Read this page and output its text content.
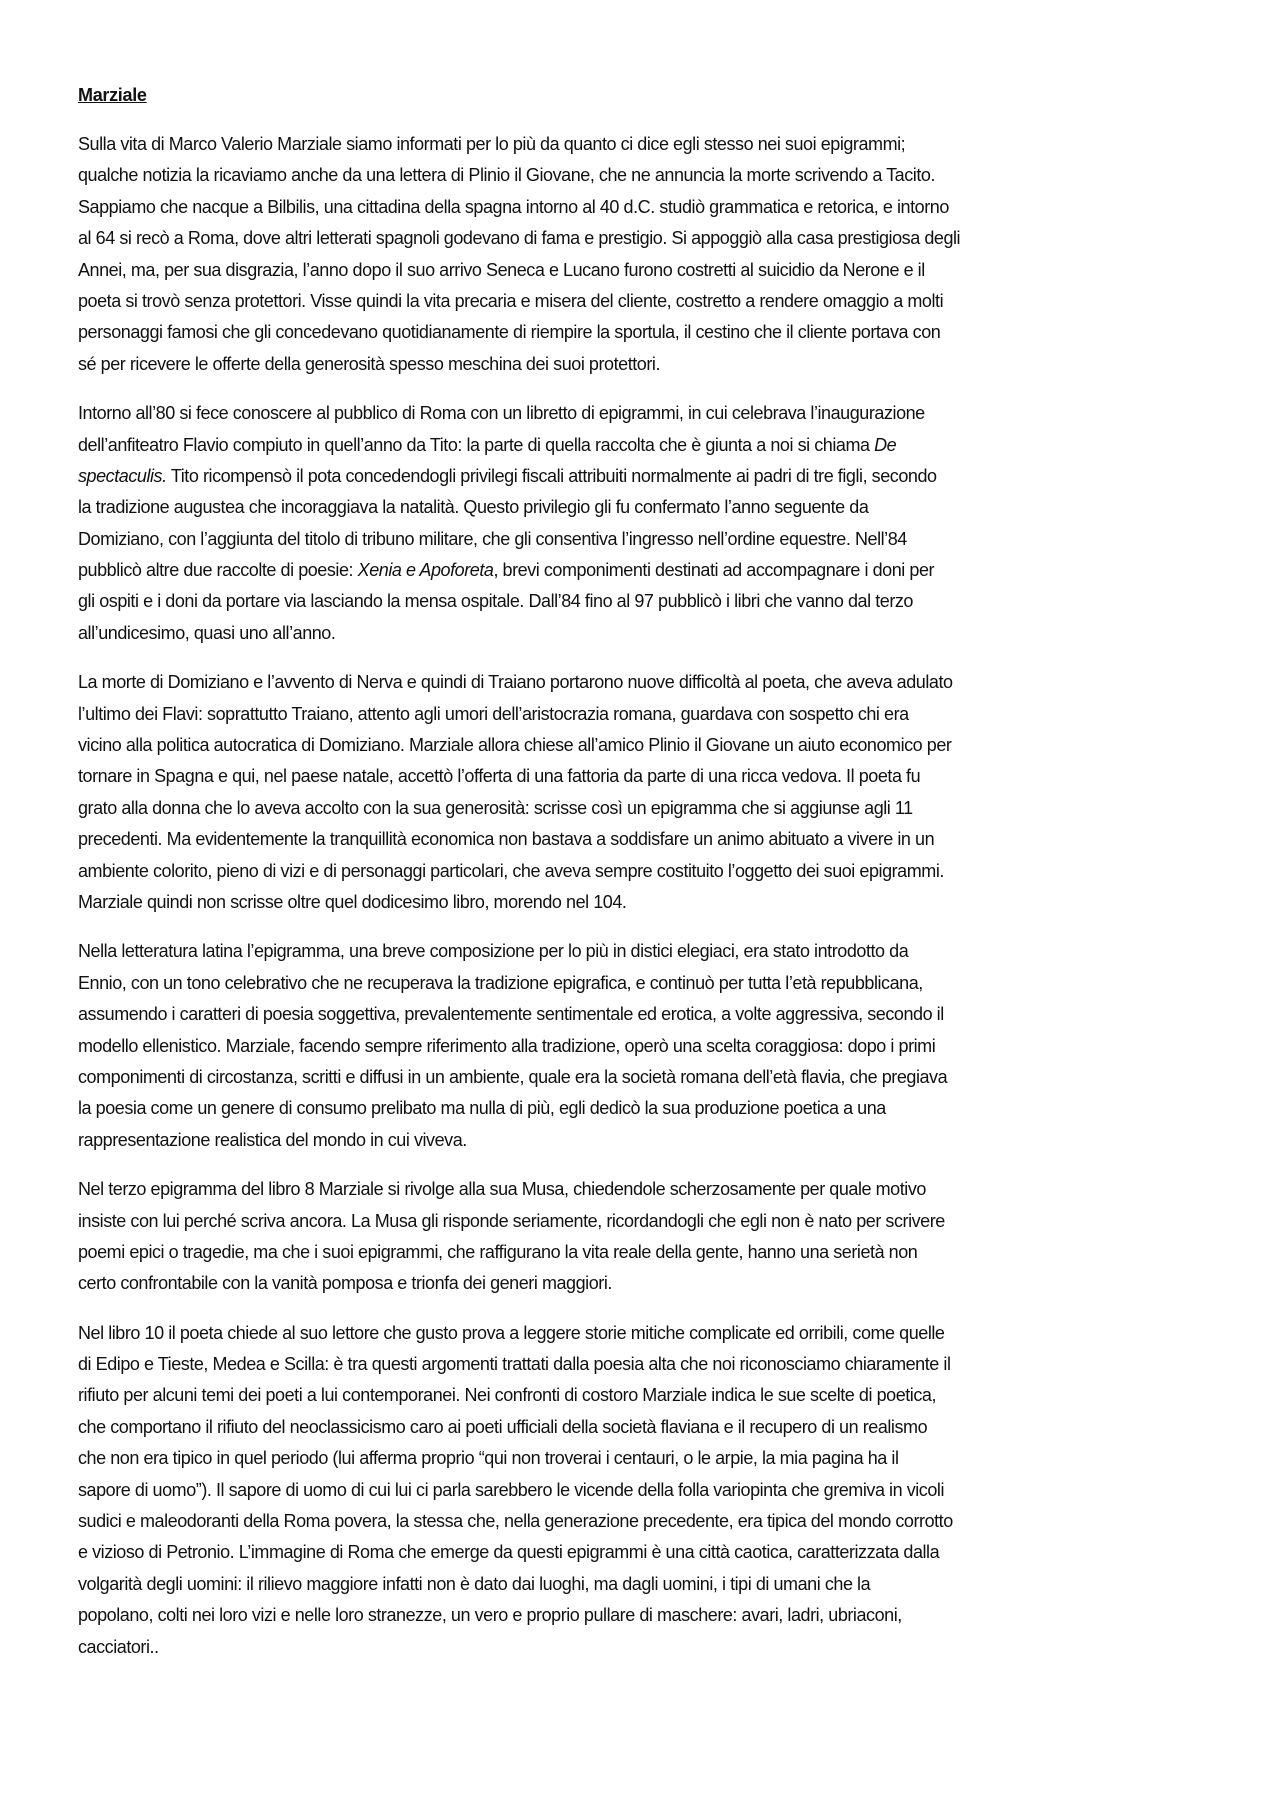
Marziale
Sulla vita di Marco Valerio Marziale siamo informati per lo più da quanto ci dice egli stesso nei suoi epigrammi;
qualche notizia la ricaviamo anche da una lettera di Plinio il Giovane, che ne annuncia la morte scrivendo a Tacito.
Sappiamo che nacque a Bilbilis, una cittadina della spagna intorno al 40 d.C. studiò grammatica e retorica, e intorno
al 64 si recò a Roma, dove altri letterati spagnoli godevano di fama e prestigio. Si appoggiò alla casa prestigiosa degli
Annei, ma, per sua disgrazia, l’anno dopo il suo arrivo Seneca e Lucano furono costretti al suicidio da Nerone e il
poeta si trovò senza protettori. Visse quindi la vita precaria e misera del cliente, costretto a rendere omaggio a molti
personaggi famosi che gli concedevano quotidianamente di riempire la sportula, il cestino che il cliente portava con
sé per ricevere le offerte della generosità spesso meschina dei suoi protettori.
Intorno all’80 si fece conoscere al pubblico di Roma con un libretto di epigrammi, in cui celebrava l’inaugurazione
dell’anfiteatro Flavio compiuto in quell’anno da Tito: la parte di quella raccolta che è giunta a noi si chiama De
spectaculis. Tito ricompensò il pota concedendogli privilegi fiscali attribuiti normalmente ai padri di tre figli, secondo
la tradizione augustea che incoraggiava la natalità. Questo privilegio gli fu confermato l’anno seguente da
Domiziano, con l’aggiunta del titolo di tribuno militare, che gli consentiva l’ingresso nell’ordine equestre. Nell’84
pubblicò altre due raccolte di poesie: Xenia e Apoforeta, brevi componimenti destinati ad accompagnare i doni per
gli ospiti e i doni da portare via lasciando la mensa ospitale. Dall’84 fino al 97 pubblicò i libri che vanno dal terzo
all’undicesimo, quasi uno all’anno.
La morte di Domiziano e l’avvento di Nerva e quindi di Traiano portarono nuove difficoltà al poeta, che aveva adulato
l’ultimo dei Flavi: soprattutto Traiano, attento agli umori dell’aristocrazia romana, guardava con sospetto chi era
vicino alla politica autocratica di Domiziano. Marziale allora chiese all’amico Plinio il Giovane un aiuto economico per
tornare in Spagna e qui, nel paese natale, accettò l’offerta di una fattoria da parte di una ricca vedova. Il poeta fu
grato alla donna che lo aveva accolto con la sua generosità: scrisse così un epigramma che si aggiunse agli 11
precedenti. Ma evidentemente la tranquillità economica non bastava a soddisfare un animo abituato a vivere in un
ambiente colorito, pieno di vizi e di personaggi particolari, che aveva sempre costituito l’oggetto dei suoi epigrammi.
Marziale quindi non scrisse oltre quel dodicesimo libro, morendo nel 104.
Nella letteratura latina l’epigramma, una breve composizione per lo più in distici elegiaci, era stato introdotto da
Ennio, con un tono celebrativo che ne recuperava la tradizione epigrafica, e continuò per tutta l’età repubblicana,
assumendo i caratteri di poesia soggettiva, prevalentemente sentimentale ed erotica, a volte aggressiva, secondo il
modello ellenistico. Marziale, facendo sempre riferimento alla tradizione, operò una scelta coraggiosa: dopo i primi
componimenti di circostanza, scritti e diffusi in un ambiente, quale era la società romana dell’età flavia, che pregiava
la poesia come un genere di consumo prelibato ma nulla di più, egli dedicò la sua produzione poetica a una
rappresentazione realistica del mondo in cui viveva.
Nel terzo epigramma del libro 8 Marziale si rivolge alla sua Musa, chiedendole scherzosamente per quale motivo
insiste con lui perché scriva ancora. La Musa gli risponde seriamente, ricordandogli che egli non è nato per scrivere
poemi epici o tragedie, ma che i suoi epigrammi, che raffigurano la vita reale della gente, hanno una serietà non
certo confrontabile con la vanità pomposa e trionfa dei generi maggiori.
Nel libro 10 il poeta chiede al suo lettore che gusto prova a leggere storie mitiche complicate ed orribili, come quelle
di Edipo e Tieste, Medea e Scilla: è tra questi argomenti trattati dalla poesia alta che noi riconosciamo chiaramente il
rifiuto per alcuni temi dei poeti a lui contemporanei. Nei confronti di costoro Marziale indica le sue scelte di poetica,
che comportano il rifiuto del neoclassicismo caro ai poeti ufficiali della società flaviana e il recupero di un realismo
che non era tipico in quel periodo (lui afferma proprio “qui non troverai i centauri, o le arpie, la mia pagina ha il
sapore di uomo”). Il sapore di uomo di cui lui ci parla sarebbero le vicende della folla variopinta che gremiva in vicoli
sudici e maleodoranti della Roma povera, la stessa che, nella generazione precedente, era tipica del mondo corrotto
e vizioso di Petronio. L’immagine di Roma che emerge da questi epigrammi è una città caotica, caratterizzata dalla
volgarità degli uomini: il rilievo maggiore infatti non è dato dai luoghi, ma dagli uomini, i tipi di umani che la
popolano, colti nei loro vizi e nelle loro stranezze, un vero e proprio pullare di maschere: avari, ladri, ubriaconi,
cacciatori..
